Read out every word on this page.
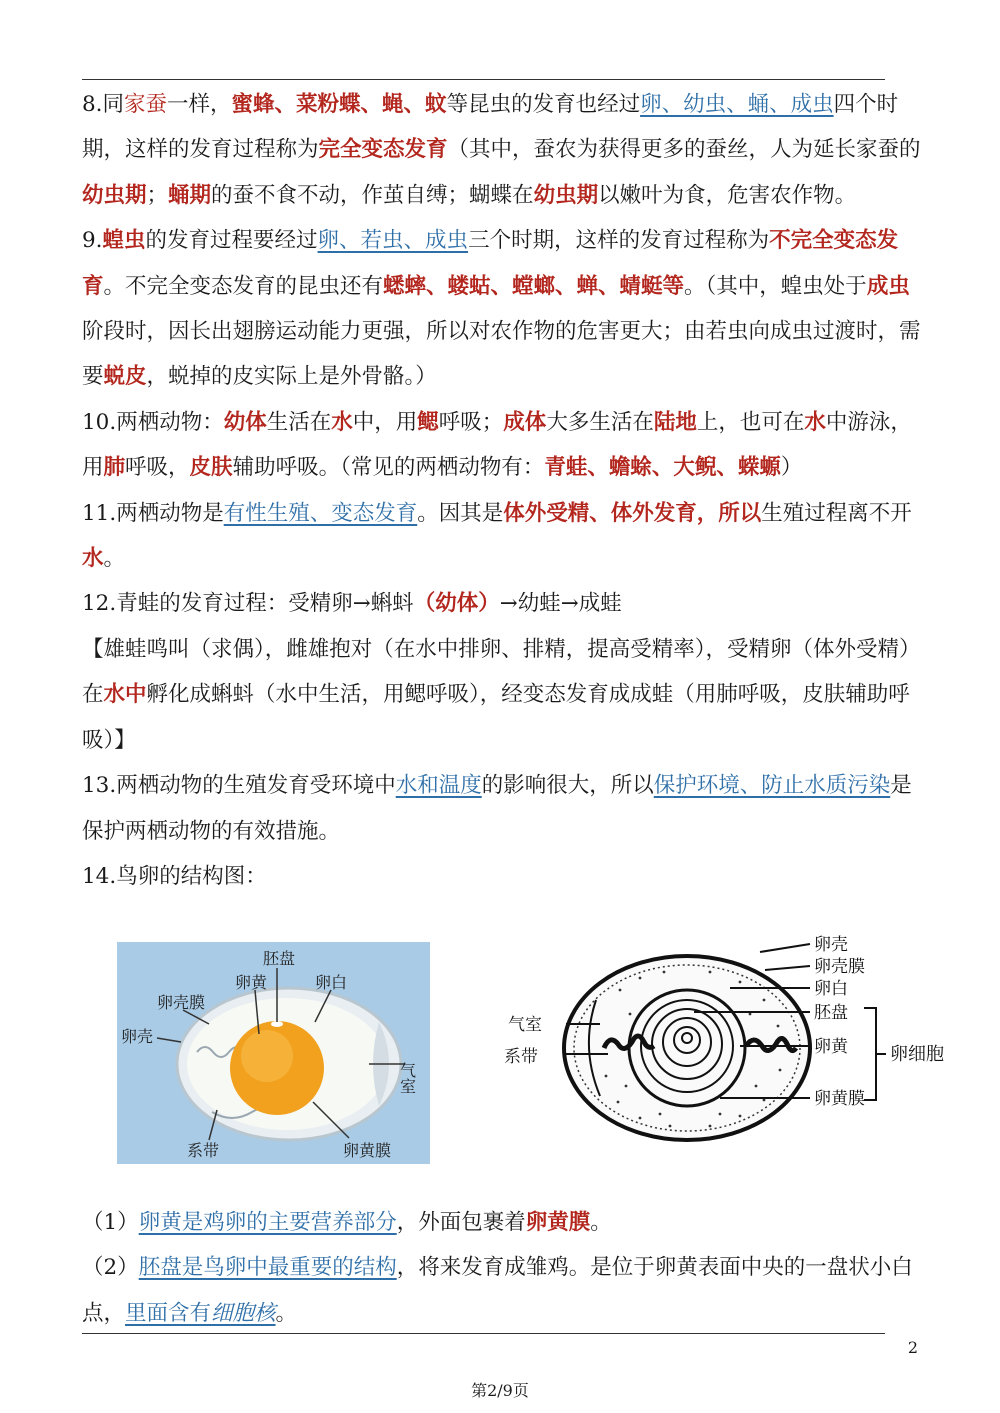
8.同家蚕一样，蜜蜂、菜粉蝶、蝇、蚊等昆虫的发育也经过卵、幼虫、蛹、成虫四个时期，这样的发育过程称为完全变态发育（其中，蚕农为获得更多的蚕丝，人为延长家蚕的幼虫期；蛹期的蚕不食不动，作茧自缚；蝴蝶在幼虫期以嫩叶为食，危害农作物。

9.蝗虫的发育过程要经过卵、若虫、成虫三个时期，这样的发育过程称为不完全变态发育。不完全变态发育的昆虫还有蟋蟀、蝼蛄、螳螂、蝉、蜻蜓等。（其中，蝗虫处于成虫阶段时，因长出翅膀运动能力更强，所以对农作物的危害更大；由若虫向成虫过渡时，需要蜕皮，蜕掉的皮实际上是外骨骼。）

10.两栖动物：幼体生活在水中，用鳃呼吸；成体大多生活在陆地上，也可在水中游泳，用肺呼吸，皮肤辅助呼吸。（常见的两栖动物有：青蛙、蟾蜍、大鲵、蝾螈）

11.两栖动物是有性生殖、变态发育。因其是体外受精、体外发育，所以生殖过程离不开水。

12.青蛙的发育过程：受精卵→蝌蚪（幼体）→幼蛙→成蛙

【雄蛙鸣叫（求偶），雌雄抱对（在水中排卵、排精，提高受精率），受精卵（体外受精）在水中孵化成蝌蚪（水中生活，用鳃呼吸），经变态发育成成蛙（用肺呼吸，皮肤辅助呼吸）】

13.两栖动物的生殖发育受环境中水和温度的影响很大，所以保护环境、防止水质污染是保护两栖动物的有效措施。

14.鸟卵的结构图：

胚盘
卵黄	卵白
卵壳膜
卵壳
气室
系带	卵黄膜
卵壳
卵壳膜
卵白
胚盘
卵黄
卵黄膜
卵细胞
气室
系带

（1）卵黄是鸡卵的主要营养部分，外面包裹着卵黄膜。

（2）胚盘是鸟卵中最重要的结构，将来发育成雏鸡。是位于卵黄表面中央的一盘状小白点，里面含有细胞核。

2
第2/9页
